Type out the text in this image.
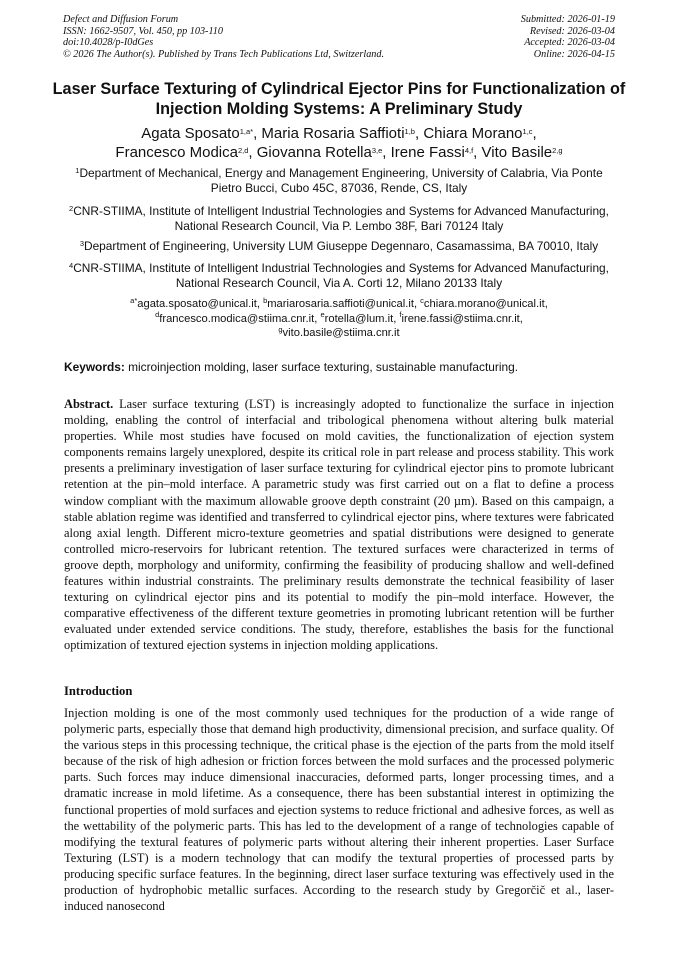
Defect and Diffusion Forum
ISSN: 1662-9507, Vol. 450, pp 103-110
doi:10.4028/p-I0dGes
© 2026 The Author(s). Published by Trans Tech Publications Ltd, Switzerland.
Submitted: 2026-01-19
Revised: 2026-03-04
Accepted: 2026-03-04
Online: 2026-04-15
Laser Surface Texturing of Cylindrical Ejector Pins for Functionalization of Injection Molding Systems: A Preliminary Study
Agata Sposato$^{1,a*}$, Maria Rosaria Saffioti$^{1,b}$, Chiara Morano$^{1,c}$,
Francesco Modica$^{2,d}$, Giovanna Rotella$^{3,e}$, Irene Fassi$^{4,f}$, Vito Basile$^{2,g}$
$^1$Department of Mechanical, Energy and Management Engineering, University of Calabria, Via Ponte Pietro Bucci, Cubo 45C, 87036, Rende, CS, Italy
$^2$CNR-STIIMA, Institute of Intelligent Industrial Technologies and Systems for Advanced Manufacturing, National Research Council, Via P. Lembo 38F, Bari 70124 Italy
$^3$Department of Engineering, University LUM Giuseppe Degennaro, Casamassima, BA 70010, Italy
$^4$CNR-STIIMA, Institute of Intelligent Industrial Technologies and Systems for Advanced Manufacturing, National Research Council, Via A. Corti 12, Milano 20133 Italy
$^{a*}$agata.sposato@unical.it, $^b$mariarosaria.saffioti@unical.it, $^c$chiara.morano@unical.it,
$^d$francesco.modica@stiima.cnr.it, $^e$rotella@lum.it, $^f$irene.fassi@stiima.cnr.it,
$^g$vito.basile@stiima.cnr.it
Keywords: microinjection molding, laser surface texturing, sustainable manufacturing.

Abstract. Laser surface texturing (LST) is increasingly adopted to functionalize the surface in injection molding, enabling the control of interfacial and tribological phenomena without altering bulk material properties. While most studies have focused on mold cavities, the functionalization of ejection system components remains largely unexplored, despite its critical role in part release and process stability. This work presents a preliminary investigation of laser surface texturing for cylindrical ejector pins to promote lubricant retention at the pin–mold interface. A parametric study was first carried out on a flat to define a process window compliant with the maximum allowable groove depth constraint (20 µm). Based on this campaign, a stable ablation regime was identified and transferred to cylindrical ejector pins, where textures were fabricated along axial length. Different micro-texture geometries and spatial distributions were designed to generate controlled micro-reservoirs for lubricant retention. The textured surfaces were characterized in terms of groove depth, morphology and uniformity, confirming the feasibility of producing shallow and well-defined features within industrial constraints. The preliminary results demonstrate the technical feasibility of laser texturing on cylindrical ejector pins and its potential to modify the pin–mold interface. However, the comparative effectiveness of the different texture geometries in promoting lubricant retention will be further evaluated under extended service conditions. The study, therefore, establishes the basis for the functional optimization of textured ejection systems in injection molding applications.

Introduction

Injection molding is one of the most commonly used techniques for the production of a wide range of polymeric parts, especially those that demand high productivity, dimensional precision, and surface quality. Of the various steps in this processing technique, the critical phase is the ejection of the parts from the mold itself because of the risk of high adhesion or friction forces between the mold surfaces and the processed polymeric parts. Such forces may induce dimensional inaccuracies, deformed parts, longer processing times, and a dramatic increase in mold lifetime. As a consequence, there has been substantial interest in optimizing the functional properties of mold surfaces and ejection systems to reduce frictional and adhesive forces, as well as the wettability of the polymeric parts. This has led to the development of a range of technologies capable of modifying the textural features of polymeric parts without altering their inherent properties. Laser Surface Texturing (LST) is a modern technology that can modify the textural properties of processed parts by producing specific surface features. In the beginning, direct laser surface texturing was effectively used in the production of hydrophobic metallic surfaces. According to the research study by Gregorčič et al., laser-induced nanosecond
